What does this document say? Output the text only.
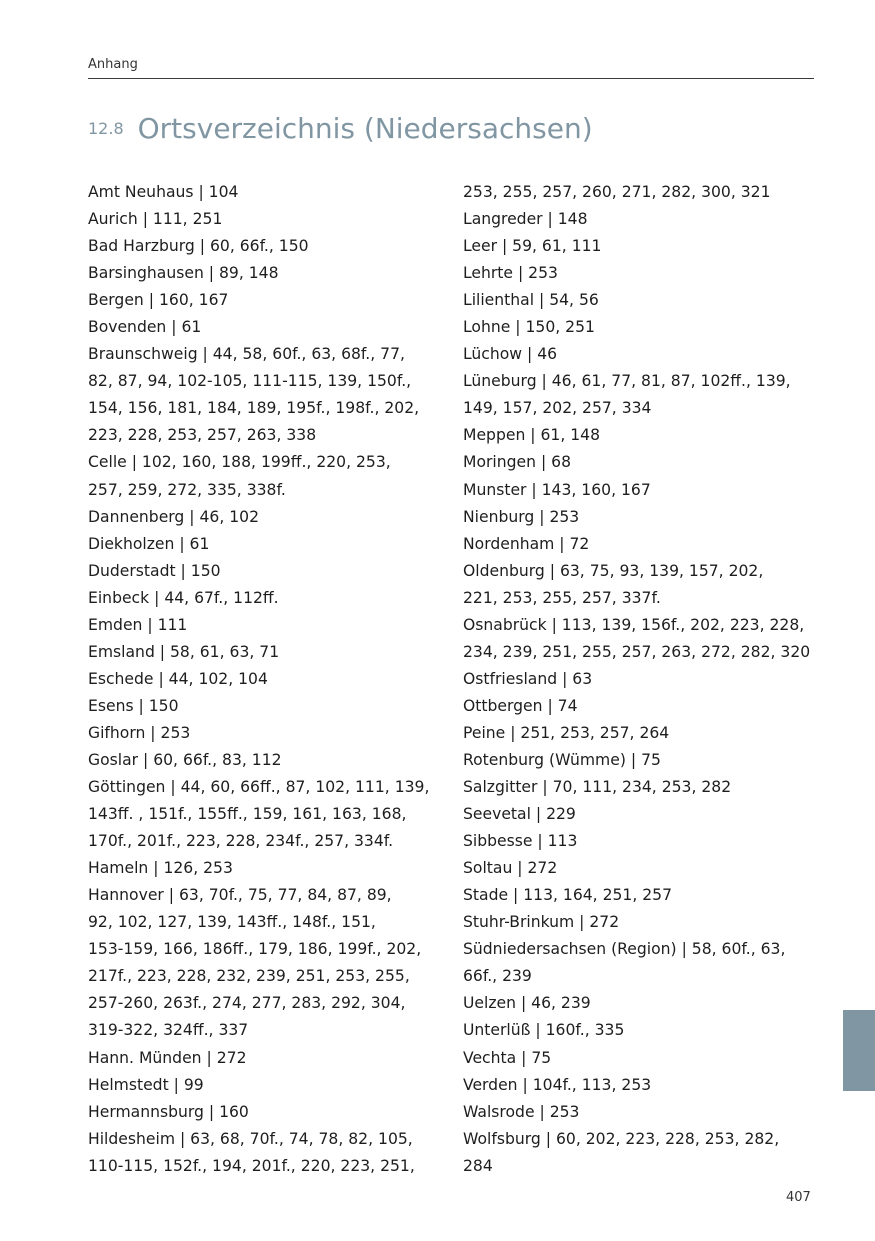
Anhang
12.8 Ortsverzeichnis (Niedersachsen)
Amt Neuhaus | 104
Aurich | 111, 251
Bad Harzburg | 60, 66f., 150
Barsinghausen | 89, 148
Bergen | 160, 167
Bovenden | 61
Braunschweig | 44, 58, 60f., 63, 68f., 77,
82, 87, 94, 102-105, 111-115, 139, 150f.,
154, 156, 181, 184, 189, 195f., 198f., 202,
223, 228, 253, 257, 263, 338
Celle | 102, 160, 188, 199ff., 220, 253,
257, 259, 272, 335, 338f.
Dannenberg | 46, 102
Diekholzen | 61
Duderstadt | 150
Einbeck | 44, 67f., 112ff.
Emden | 111
Emsland | 58, 61, 63, 71
Eschede | 44, 102, 104
Esens | 150
Gifhorn | 253
Goslar | 60, 66f., 83, 112
Göttingen | 44, 60, 66ff., 87, 102, 111, 139,
143ff. , 151f., 155ff., 159, 161, 163, 168,
170f., 201f., 223, 228, 234f., 257, 334f.
Hameln | 126, 253
Hannover | 63, 70f., 75, 77, 84, 87, 89,
92, 102, 127, 139, 143ff., 148f., 151,
153-159, 166, 186ff., 179, 186, 199f., 202,
217f., 223, 228, 232, 239, 251, 253, 255,
257-260, 263f., 274, 277, 283, 292, 304,
319-322, 324ff., 337
Hann. Münden | 272
Helmstedt | 99
Hermannsburg | 160
Hildesheim | 63, 68, 70f., 74, 78, 82, 105,
110-115, 152f., 194, 201f., 220, 223, 251,
253, 255, 257, 260, 271, 282, 300, 321
Langreder | 148
Leer | 59, 61, 111
Lehrte | 253
Lilienthal | 54, 56
Lohne | 150, 251
Lüchow | 46
Lüneburg | 46, 61, 77, 81, 87, 102ff., 139,
149, 157, 202, 257, 334
Meppen | 61, 148
Moringen | 68
Munster | 143, 160, 167
Nienburg | 253
Nordenham | 72
Oldenburg | 63, 75, 93, 139, 157, 202,
221, 253, 255, 257, 337f.
Osnabrück | 113, 139, 156f., 202, 223, 228,
234, 239, 251, 255, 257, 263, 272, 282, 320
Ostfriesland | 63
Ottbergen | 74
Peine | 251, 253, 257, 264
Rotenburg (Wümme) | 75
Salzgitter | 70, 111, 234, 253, 282
Seevetal | 229
Sibbesse | 113
Soltau | 272
Stade | 113, 164, 251, 257
Stuhr-Brinkum | 272
Südniedersachsen (Region) | 58, 60f., 63,
66f., 239
Uelzen | 46, 239
Unterlüß | 160f., 335
Vechta | 75
Verden | 104f., 113, 253
Walsrode | 253
Wolfsburg | 60, 202, 223, 228, 253, 282,
284
407
